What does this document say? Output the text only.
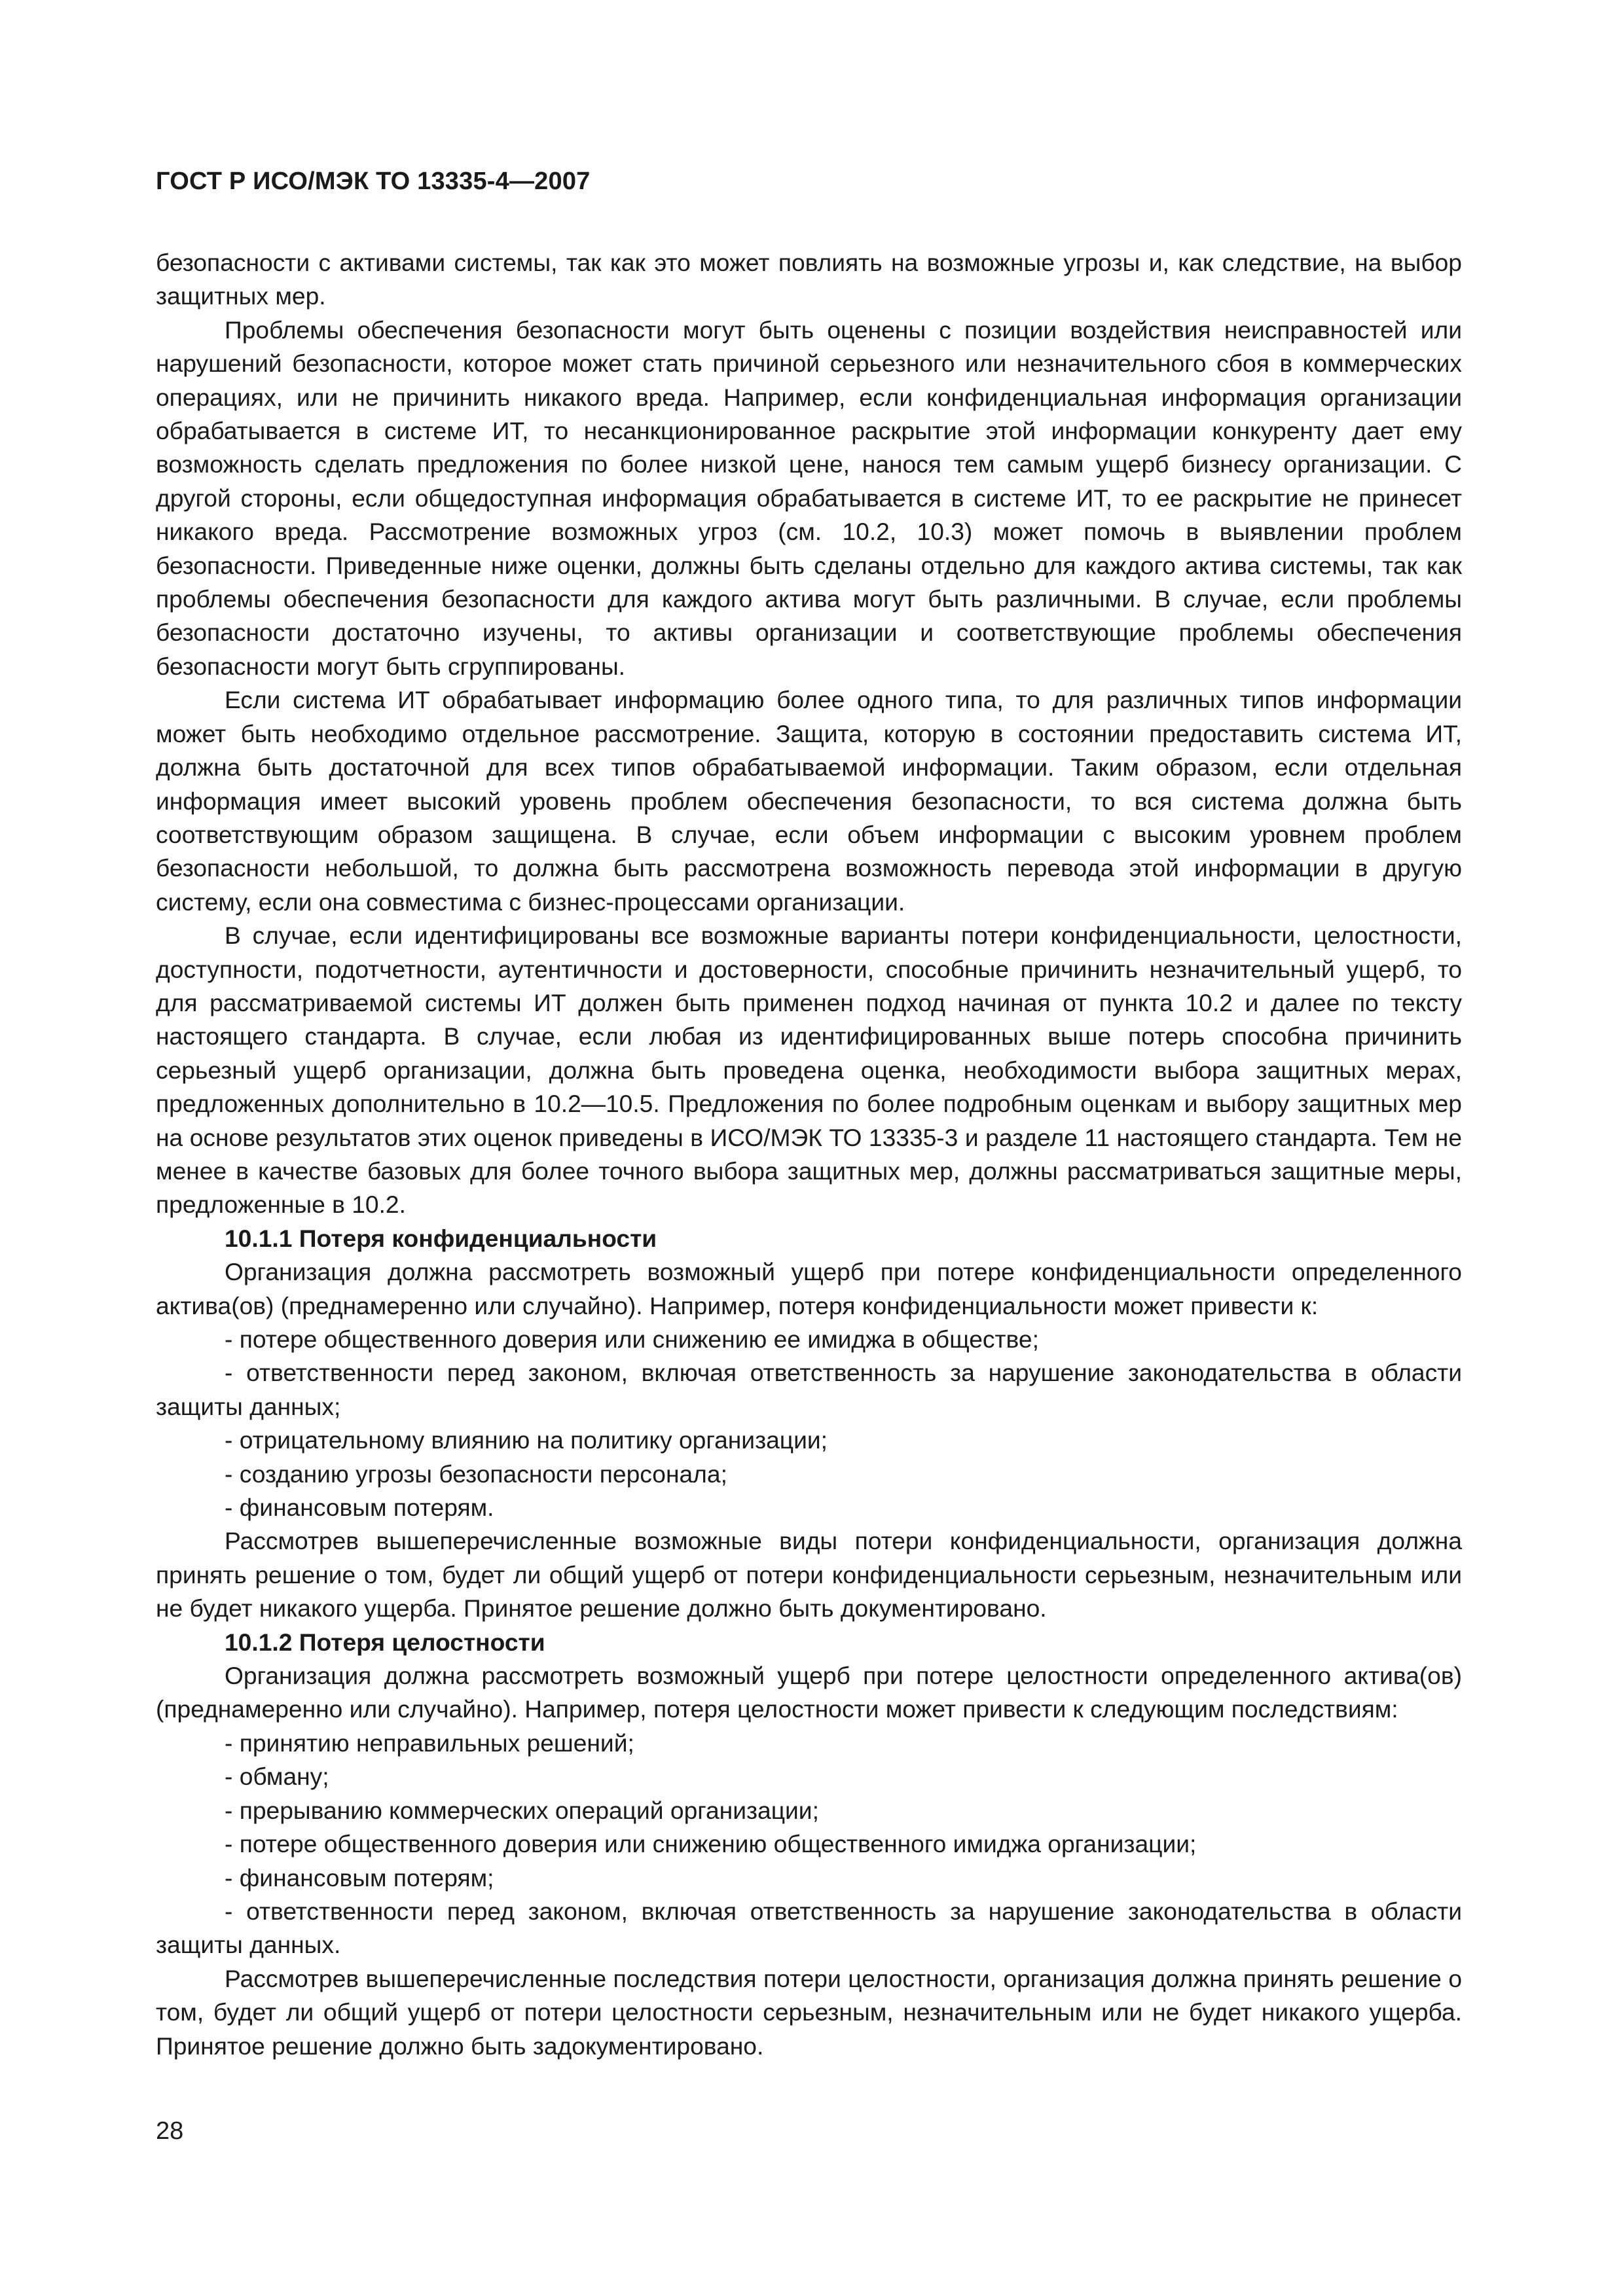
ГОСТ Р ИСО/МЭК ТО 13335-4—2007

безопасности с активами системы, так как это может повлиять на возможные угрозы и, как следствие, на выбор защитных мер.

Проблемы обеспечения безопасности могут быть оценены с позиции воздействия неисправностей или нарушений безопасности, которое может стать причиной серьезного или незначительного сбоя в коммерческих операциях, или не причинить никакого вреда. Например, если конфиденциальная информация организации обрабатывается в системе ИТ, то несанкционированное раскрытие этой информации конкуренту дает ему возможность сделать предложения по более низкой цене, нанося тем самым ущерб бизнесу организации. С другой стороны, если общедоступная информация обрабатывается в системе ИТ, то ее раскрытие не принесет никакого вреда. Рассмотрение возможных угроз (см. 10.2, 10.3) может помочь в выявлении проблем безопасности. Приведенные ниже оценки, должны быть сделаны отдельно для каждого актива системы, так как проблемы обеспечения безопасности для каждого актива могут быть различными. В случае, если проблемы безопасности достаточно изучены, то активы организации и соответствующие проблемы обеспечения безопасности могут быть сгруппированы.

Если система ИТ обрабатывает информацию более одного типа, то для различных типов информации может быть необходимо отдельное рассмотрение. Защита, которую в состоянии предоставить система ИТ, должна быть достаточной для всех типов обрабатываемой информации. Таким образом, если отдельная информация имеет высокий уровень проблем обеспечения безопасности, то вся система должна быть соответствующим образом защищена. В случае, если объем информации с высоким уровнем проблем безопасности небольшой, то должна быть рассмотрена возможность перевода этой информации в другую систему, если она совместима с бизнес-процессами организации.

В случае, если идентифицированы все возможные варианты потери конфиденциальности, целостности, доступности, подотчетности, аутентичности и достоверности, способные причинить незначительный ущерб, то для рассматриваемой системы ИТ должен быть применен подход начиная от пункта 10.2 и далее по тексту настоящего стандарта. В случае, если любая из идентифицированных выше потерь способна причинить серьезный ущерб организации, должна быть проведена оценка, необходимости выбора защитных мерах, предложенных дополнительно в 10.2—10.5. Предложения по более подробным оценкам и выбору защитных мер на основе результатов этих оценок приведены в ИСО/МЭК ТО 13335-3 и разделе 11 настоящего стандарта. Тем не менее в качестве базовых для более точного выбора защитных мер, должны рассматриваться защитные меры, предложенные в 10.2.

10.1.1 Потеря конфиденциальности

Организация должна рассмотреть возможный ущерб при потере конфиденциальности определенного актива(ов) (преднамеренно или случайно). Например, потеря конфиденциальности может привести к:

- потере общественного доверия или снижению ее имиджа в обществе;

- ответственности перед законом, включая ответственность за нарушение законодательства в области защиты данных;

- отрицательному влиянию на политику организации;

- созданию угрозы безопасности персонала;

- финансовым потерям.

Рассмотрев вышеперечисленные возможные виды потери конфиденциальности, организация должна принять решение о том, будет ли общий ущерб от потери конфиденциальности серьезным, незначительным или не будет никакого ущерба. Принятое решение должно быть документировано.

10.1.2 Потеря целостности

Организация должна рассмотреть возможный ущерб при потере целостности определенного актива(ов) (преднамеренно или случайно). Например, потеря целостности может привести к следующим последствиям:

- принятию неправильных решений;

- обману;

- прерыванию коммерческих операций организации;

- потере общественного доверия или снижению общественного имиджа организации;

- финансовым потерям;

- ответственности перед законом, включая ответственность за нарушение законодательства в области защиты данных.

Рассмотрев вышеперечисленные последствия потери целостности, организация должна принять решение о том, будет ли общий ущерб от потери целостности серьезным, незначительным или не будет никакого ущерба. Принятое решение должно быть задокументировано.

28
